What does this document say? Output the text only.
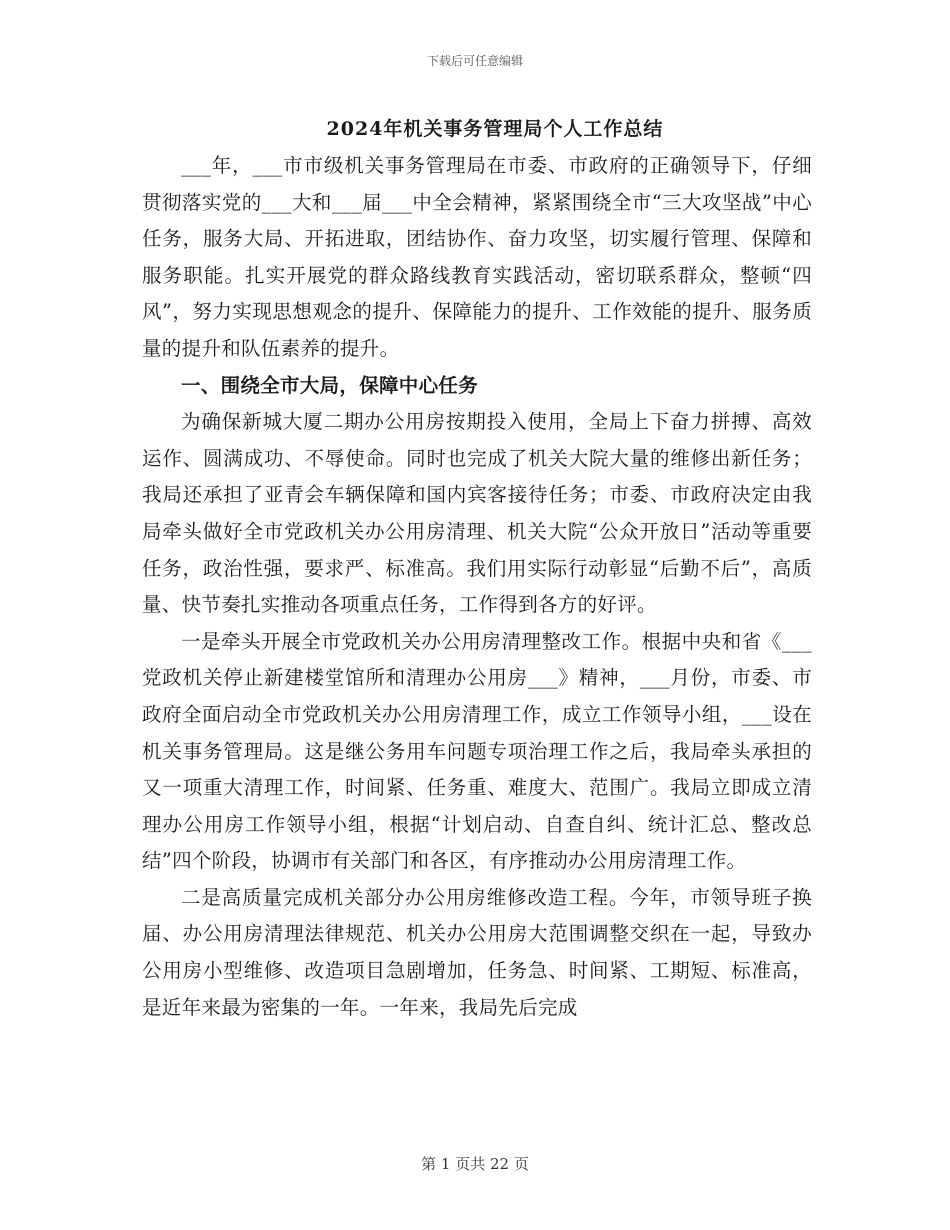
下载后可任意编辑
2024年机关事务管理局个人工作总结

___年，___市市级机关事务管理局在市委、市政府的正确领导下，仔细贯彻落实党的___大和___届___中全会精神，紧紧围绕全市“三大攻坚战”中心任务，服务大局、开拓进取，团结协作、奋力攻坚，切实履行管理、保障和服务职能。扎实开展党的群众路线教育实践活动，密切联系群众，整顿“四风”，努力实现思想观念的提升、保障能力的提升、工作效能的提升、服务质量的提升和队伍素养的提升。

一、围绕全市大局，保障中心任务

为确保新城大厦二期办公用房按期投入使用，全局上下奋力拼搏、高效运作、圆满成功、不辱使命。同时也完成了机关大院大量的维修出新任务；我局还承担了亚青会车辆保障和国内宾客接待任务；市委、市政府决定由我局牵头做好全市党政机关办公用房清理、机关大院“公众开放日”活动等重要任务，政治性强，要求严、标准高。我们用实际行动彰显“后勤不后”，高质量、快节奏扎实推动各项重点任务，工作得到各方的好评。

一是牵头开展全市党政机关办公用房清理整改工作。根据中央和省《___党政机关停止新建楼堂馆所和清理办公用房___》精神，___月份，市委、市政府全面启动全市党政机关办公用房清理工作，成立工作领导小组，___设在机关事务管理局。这是继公务用车问题专项治理工作之后，我局牵头承担的又一项重大清理工作，时间紧、任务重、难度大、范围广。我局立即成立清理办公用房工作领导小组，根据“计划启动、自查自纠、统计汇总、整改总结”四个阶段，协调市有关部门和各区，有序推动办公用房清理工作。

二是高质量完成机关部分办公用房维修改造工程。今年，市领导班子换届、办公用房清理法律规范、机关办公用房大范围调整交织在一起，导致办公用房小型维修、改造项目急剧增加，任务急、时间紧、工期短、标准高，是近年来最为密集的一年。一年来，我局先后完成

第 1 页共 22 页
